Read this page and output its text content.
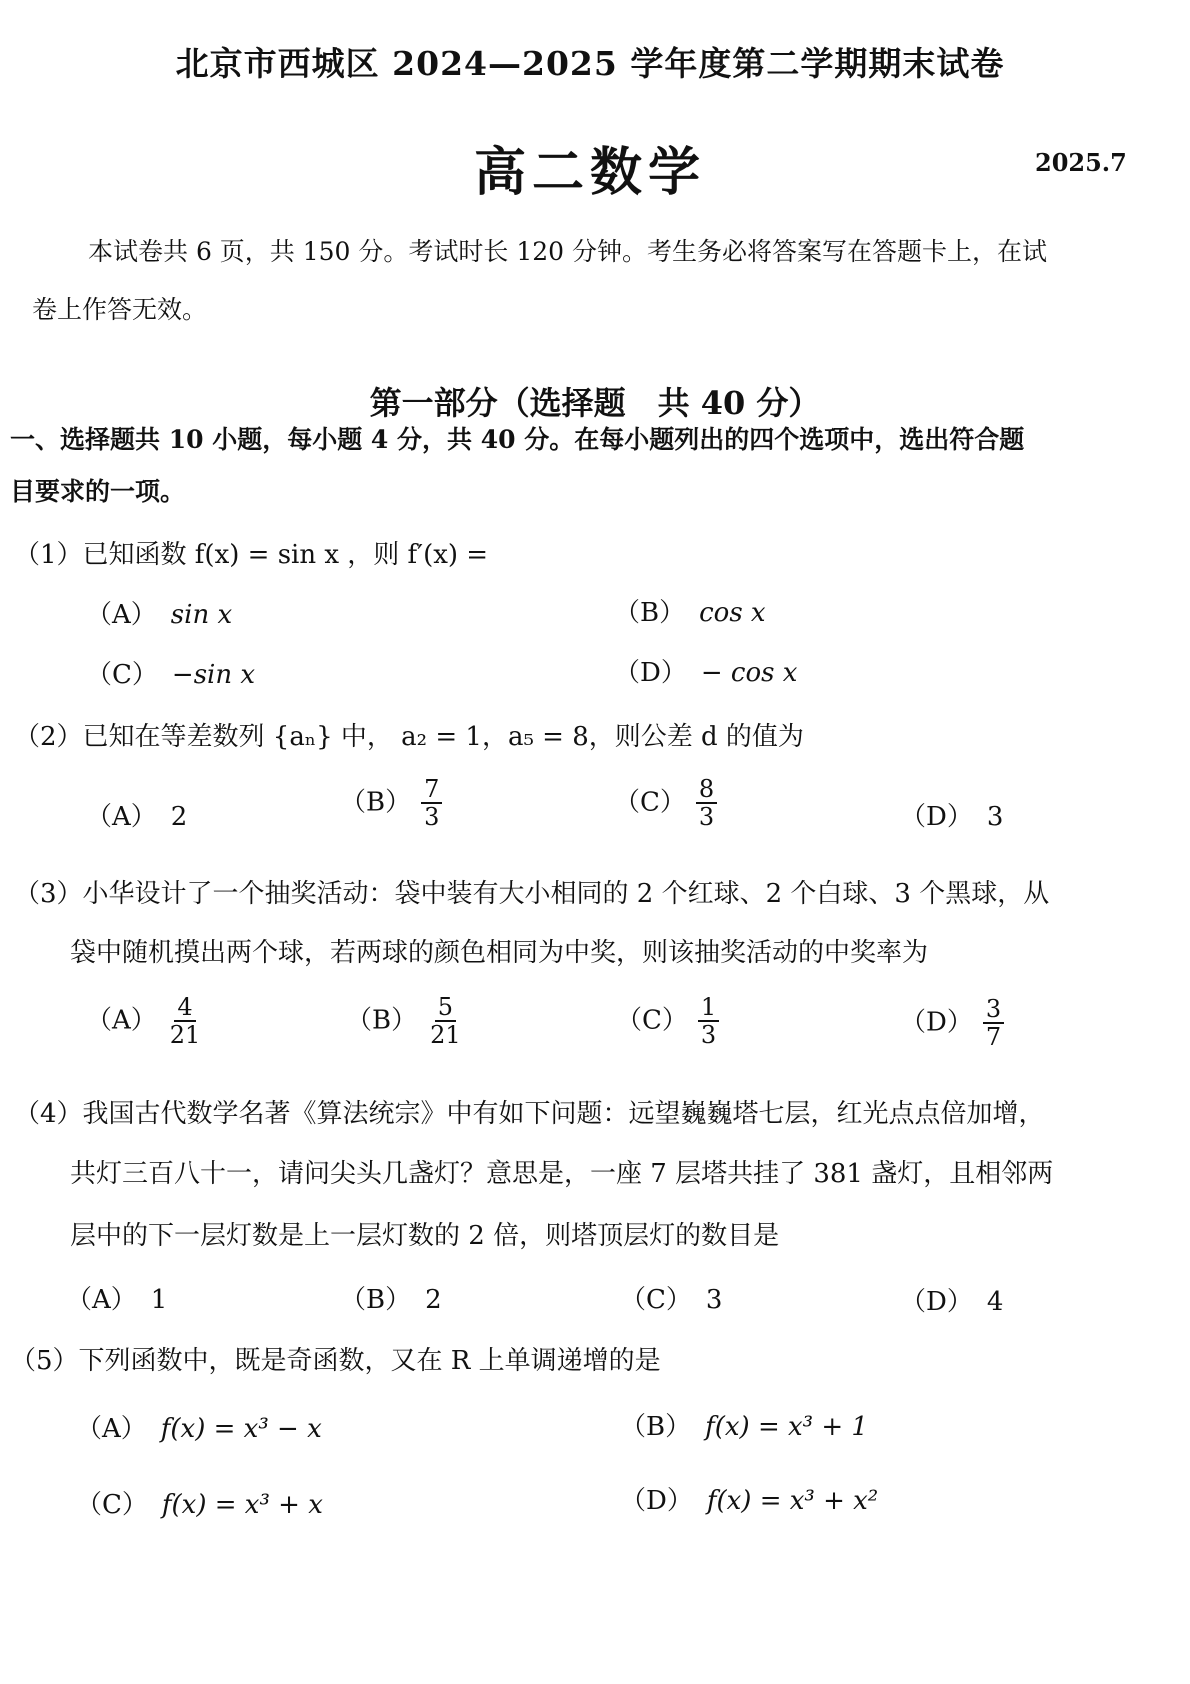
北京市西城区 2024—2025 学年度第二学期期末试卷
高二数学	2025.7
本试卷共 6 页，共 150 分。考试时长 120 分钟。考生务必将答案写在答题卡上，在试
卷上作答无效。
第一部分（选择题　共 40 分）
一、选择题共 10 小题，每小题 4 分，共 40 分。在每小题列出的四个选项中，选出符合题
目要求的一项。
（1）已知函数 f(x) = sin x ，则 f′(x) =
（A） sin x	（B） cos x
（C） −sin x	（D） − cos x
（2）已知在等差数列 {aₙ} 中， a₂ = 1，a₅ = 8，则公差 d 的值为
（A） 2	$(B) \frac{7}{3}$	$(C) \frac{8}{3}$	（D） 3
（3）小华设计了一个抽奖活动：袋中装有大小相同的 2 个红球、2 个白球、3 个黑球，从
袋中随机摸出两个球，若两球的颜色相同为中奖，则该抽奖活动的中奖率为
$(A) \frac{4}{21}$	$(B) \frac{5}{21}$	$(C) \frac{1}{3}$	$(D) \frac{3}{7}$
（4）我国古代数学名著《算法统宗》中有如下问题：远望巍巍塔七层，红光点点倍加增，
共灯三百八十一，请问尖头几盏灯？意思是，一座 7 层塔共挂了 381 盏灯，且相邻两
层中的下一层灯数是上一层灯数的 2 倍，则塔顶层灯的数目是
（A） 1	（B） 2	（C） 3	（D） 4
（5）下列函数中，既是奇函数，又在 R 上单调递增的是
（A） f(x) = x³ − x	（B） f(x) = x³ + 1
（C） f(x) = x³ + x	（D） f(x) = x³ + x²
